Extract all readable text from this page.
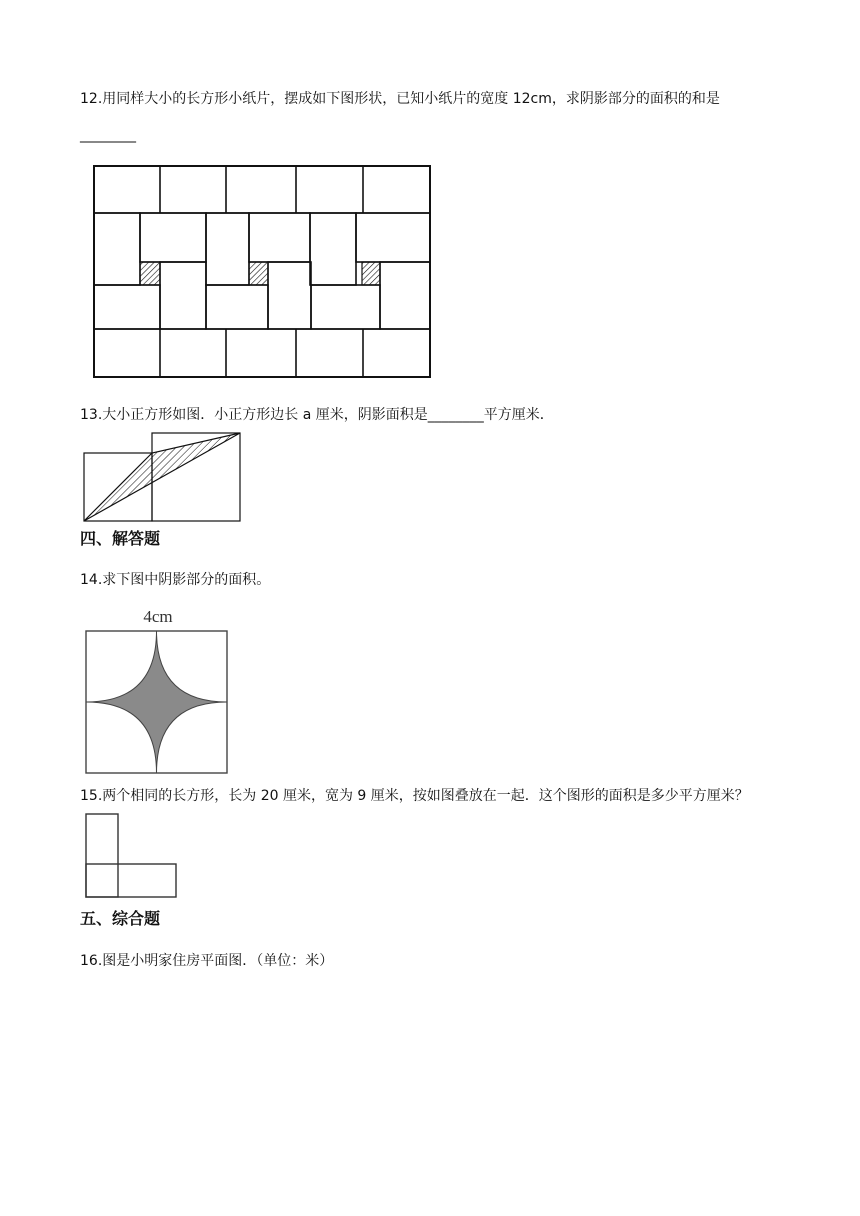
12.用同样大小的长方形小纸片，摆成如下图形状，已知小纸片的宽度 12cm，求阴影部分的面积的和是
________
13.大小正方形如图．小正方形边长 a 厘米，阴影面积是________平方厘米．
四、解答题
14.求下图中阴影部分的面积。
4cm
15.两个相同的长方形，长为 20 厘米，宽为 9 厘米，按如图叠放在一起．这个图形的面积是多少平方厘米？
五、综合题
16.图是小明家住房平面图．（单位：米）
